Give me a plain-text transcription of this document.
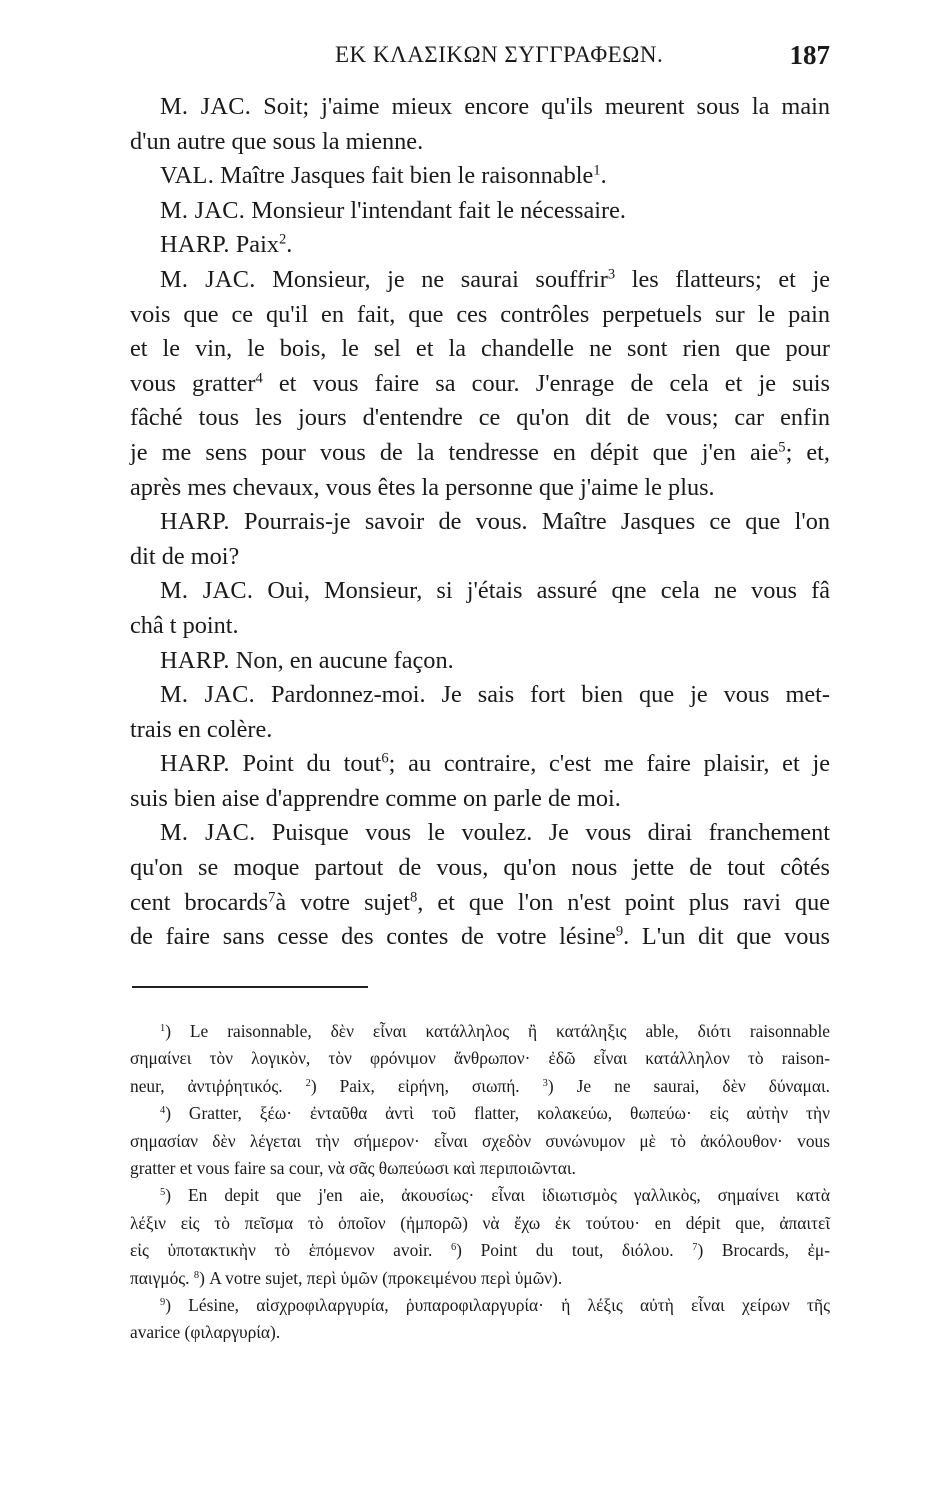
ΕΚ ΚΛΑΣΙΚΩΝ ΣΥΓΓΡΑΦΕΩΝ.	187
M. JAC. Soit; j'aime mieux encore qu'ils meurent sous la main
d'un autre que sous la mienne.
VAL. Maître Jasques fait bien le raisonnable$^1$.
M. JAC. Monsieur l'intendant fait le nécessaire.
HARP. Paix$^2$.
M. JAC. Monsieur, je ne saurai souffrir$^3$ les flatteurs; et je
vois que ce qu'il en fait, que ces contrôles perpetuels sur le pain
et le vin, le bois, le sel et la chandelle ne sont rien que pour
vous gratter$^4$ et vous faire sa cour. J'enrage de cela et je suis
fâché tous les jours d'entendre ce qu'on dit de vous; car enfin
je me sens pour vous de la tendresse en dépit que j'en aie$^5$; et,
après mes chevaux, vous êtes la personne que j'aime le plus.
HARP. Pourrais-je savoir de vous. Maître Jasques ce que l'on
dit de moi?
M. JAC. Oui, Monsieur, si j'étais assuré qne cela ne vous fâ
châ t point.
HARP. Non, en aucune façon.
M. JAC. Pardonnez-moi. Je sais fort bien que je vous met-
trais en colère.
HARP. Point du tout$^6$; au contraire, c'est me faire plaisir, et je
suis bien aise d'apprendre comme on parle de moi.
M. JAC. Puisque vous le voulez. Je vous dirai franchement
qu'on se moque partout de vous, qu'on nous jette de tout côtés
cent brocards$^7$à votre sujet$^8$, et que l'on n'est point plus ravi que
de faire sans cesse des contes de votre lésine$^9$. L'un dit que vous
$^1$) Le raisonnable, δὲν εἶναι κατάλληλος ἢ κατάληξις able, διότι raisonnable
σημαίνει τὸν λογικὸν, τὸν φρόνιμον ἄνθρωπον· ἐδῶ εἶναι κατάλληλον τὸ raison-
neur, ἀντιῤῥητικός. $^2$) Paix, εἰρήνη, σιωπή. $^3$) Je ne saurai, δὲν δύναμαι.
$^4$) Gratter, ξέω· ἐνταῦθα ἀντὶ τοῦ flatter, κολακεύω, θωπεύω· εἰς αὐτὴν τὴν
σημασίαν δὲν λέγεται τὴν σήμερον· εἶναι σχεδὸν συνώνυμον μὲ τὸ ἀκόλουθον· vous
gratter et vous faire sa cour, νὰ σᾶς θωπεύωσι καὶ περιποιῶνται.
$^5$) En depit que j'en aie, ἀκουσίως· εἶναι ἰδιωτισμὸς γαλλικὸς, σημαίνει κατὰ
λέξιν εἰς τὸ πεῖσμα τὸ ὁποῖον (ἠμπορῶ) νὰ ἔχω ἐκ τούτου· en dépit que, ἀπαιτεῖ
εἰς ὑποτακτικὴν τὸ ἑπόμενον avoir. $^6$) Point du tout, διόλου. $^7$) Brocards, ἐμ-
παιγμός. $^8$) A votre sujet, περὶ ὑμῶν (προκειμένου περὶ ὑμῶν).
$^9$) Lésine, αἰσχροφιλαργυρία, ῥυπαροφιλαργυρία· ἡ λέξις αὐτὴ εἶναι χείρων τῆς
avarice (φιλαργυρία).
